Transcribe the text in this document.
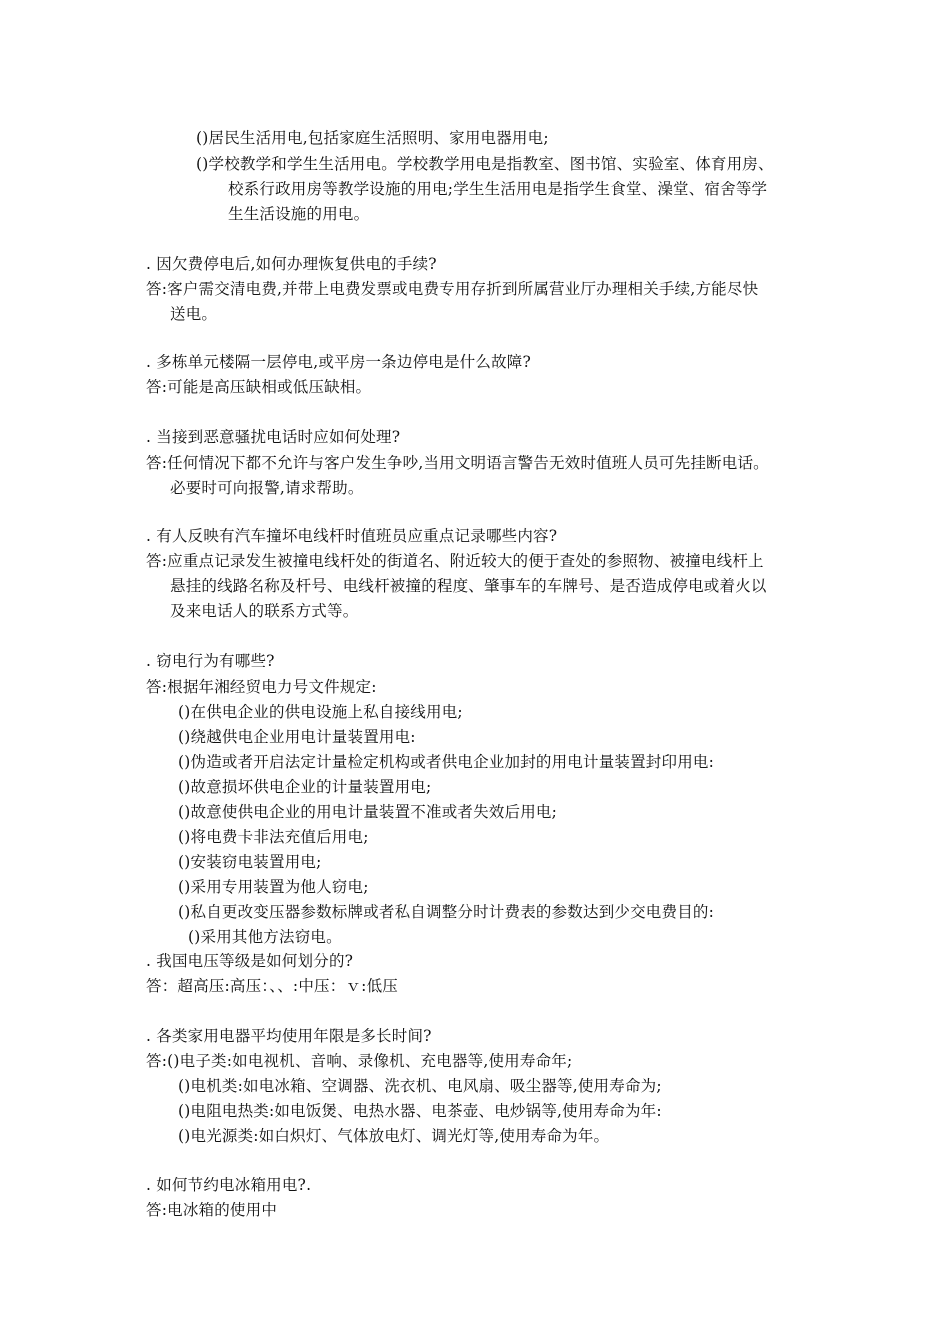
()居民生活用电,包括家庭生活照明、家用电器用电;
()学校教学和学生生活用电。学校教学用电是指教室、图书馆、实验室、体育用房、
校系行政用房等教学设施的用电;学生生活用电是指学生食堂、澡堂、宿舍等学
生生活设施的用电。
. 因欠费停电后,如何办理恢复供电的手续?
答:客户需交清电费,并带上电费发票或电费专用存折到所属营业厅办理相关手续,方能尽快
送电。
. 多栋单元楼隔一层停电,或平房一条边停电是什么故障?
答:可能是高压缺相或低压缺相。
. 当接到恶意骚扰电话时应如何处理?
答:任何情况下都不允许与客户发生争吵,当用文明语言警告无效时值班人员可先挂断电话。
必要时可向报警,请求帮助。
. 有人反映有汽车撞坏电线杆时值班员应重点记录哪些内容?
答:应重点记录发生被撞电线杆处的街道名、附近较大的便于查处的参照物、被撞电线杆上
悬挂的线路名称及杆号、电线杆被撞的程度、肇事车的车牌号、是否造成停电或着火以
及来电话人的联系方式等。
. 窃电行为有哪些?
答:根据年湘经贸电力号文件规定:
()在供电企业的供电设施上私自接线用电;
()绕越供电企业用电计量装置用电:
()伪造或者开启法定计量检定机构或者供电企业加封的用电计量装置封印用电:
()故意损坏供电企业的计量装置用电;
()故意使供电企业的用电计量装置不准或者失效后用电;
()将电费卡非法充值后用电;
()安装窃电装置用电;
()采用专用装置为他人窃电;
()私自更改变压器参数标牌或者私自调整分时计费表的参数达到少交电费目的:
()采用其他方法窃电。
. 我国电压等级是如何划分的?
答：超高压:高压：、、:中压：ｖ:低压
. 各类家用电器平均使用年限是多长时间?
答:()电子类:如电视机、音响、录像机、充电器等,使用寿命年;
()电机类:如电冰箱、空调器、洗衣机、电风扇、吸尘器等,使用寿命为;
()电阻电热类:如电饭煲、电热水器、电茶壶、电炒锅等,使用寿命为年:
()电光源类:如白炽灯、气体放电灯、调光灯等,使用寿命为年。
. 如何节约电冰箱用电?.
答:电冰箱的使用中
